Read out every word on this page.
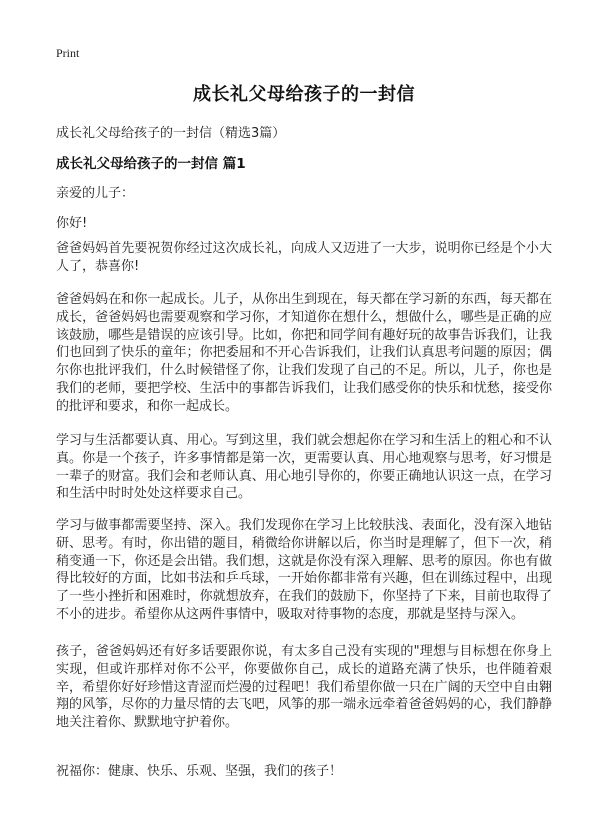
Print
成长礼父母给孩子的一封信
成长礼父母给孩子的一封信（精选3篇）
成长礼父母给孩子的一封信 篇1
亲爱的儿子：
你好!

爸爸妈妈首先要祝贺你经过这次成长礼，向成人又迈进了一大步，说明你已经是个小大人了，恭喜你!

爸爸妈妈在和你一起成长。儿子，从你出生到现在，每天都在学习新的东西，每天都在成长，爸爸妈妈也需要观察和学习你，才知道你在想什么，想做什么，哪些是正确的应该鼓励，哪些是错误的应该引导。比如，你把和同学间有趣好玩的故事告诉我们，让我们也回到了快乐的童年；你把委屈和不开心告诉我们，让我们认真思考问题的原因；偶尔你也批评我们，什么时候错怪了你，让我们发现了自己的不足。所以，儿子，你也是我们的老师，要把学校、生活中的事都告诉我们，让我们感受你的快乐和忧愁，接受你的批评和要求，和你一起成长。

学习与生活都要认真、用心。写到这里，我们就会想起你在学习和生活上的粗心和不认真。你是一个孩子，许多事情都是第一次，更需要认真、用心地观察与思考，好习惯是一辈子的财富。我们会和老师认真、用心地引导你的，你要正确地认识这一点，在学习和生活中时时处处这样要求自己。

学习与做事都需要坚持、深入。我们发现你在学习上比较肤浅、表面化，没有深入地钻研、思考。有时，你出错的题目，稍微给你讲解以后，你当时是理解了，但下一次，稍稍变通一下，你还是会出错。我们想，这就是你没有深入理解、思考的原因。你也有做得比较好的方面，比如书法和乒乓球，一开始你都非常有兴趣，但在训练过程中，出现了一些小挫折和困难时，你就想放弃，在我们的鼓励下，你坚持了下来，目前也取得了不小的进步。希望你从这两件事情中，吸取对待事物的态度，那就是坚持与深入。

孩子，爸爸妈妈还有好多话要跟你说，有太多自己没有实现的"理想与目标想在你身上实现，但或许那样对你不公平，你要做你自己，成长的道路充满了快乐，也伴随着艰辛，希望你好好珍惜这青涩而烂漫的过程吧！我们希望你做一只在广阔的天空中自由翱翔的风筝，尽你的力量尽情的去飞吧，风筝的那一端永远牵着爸爸妈妈的心，我们静静地关注着你、默默地守护着你。

祝福你：健康、快乐、乐观、坚强，我们的孩子！
